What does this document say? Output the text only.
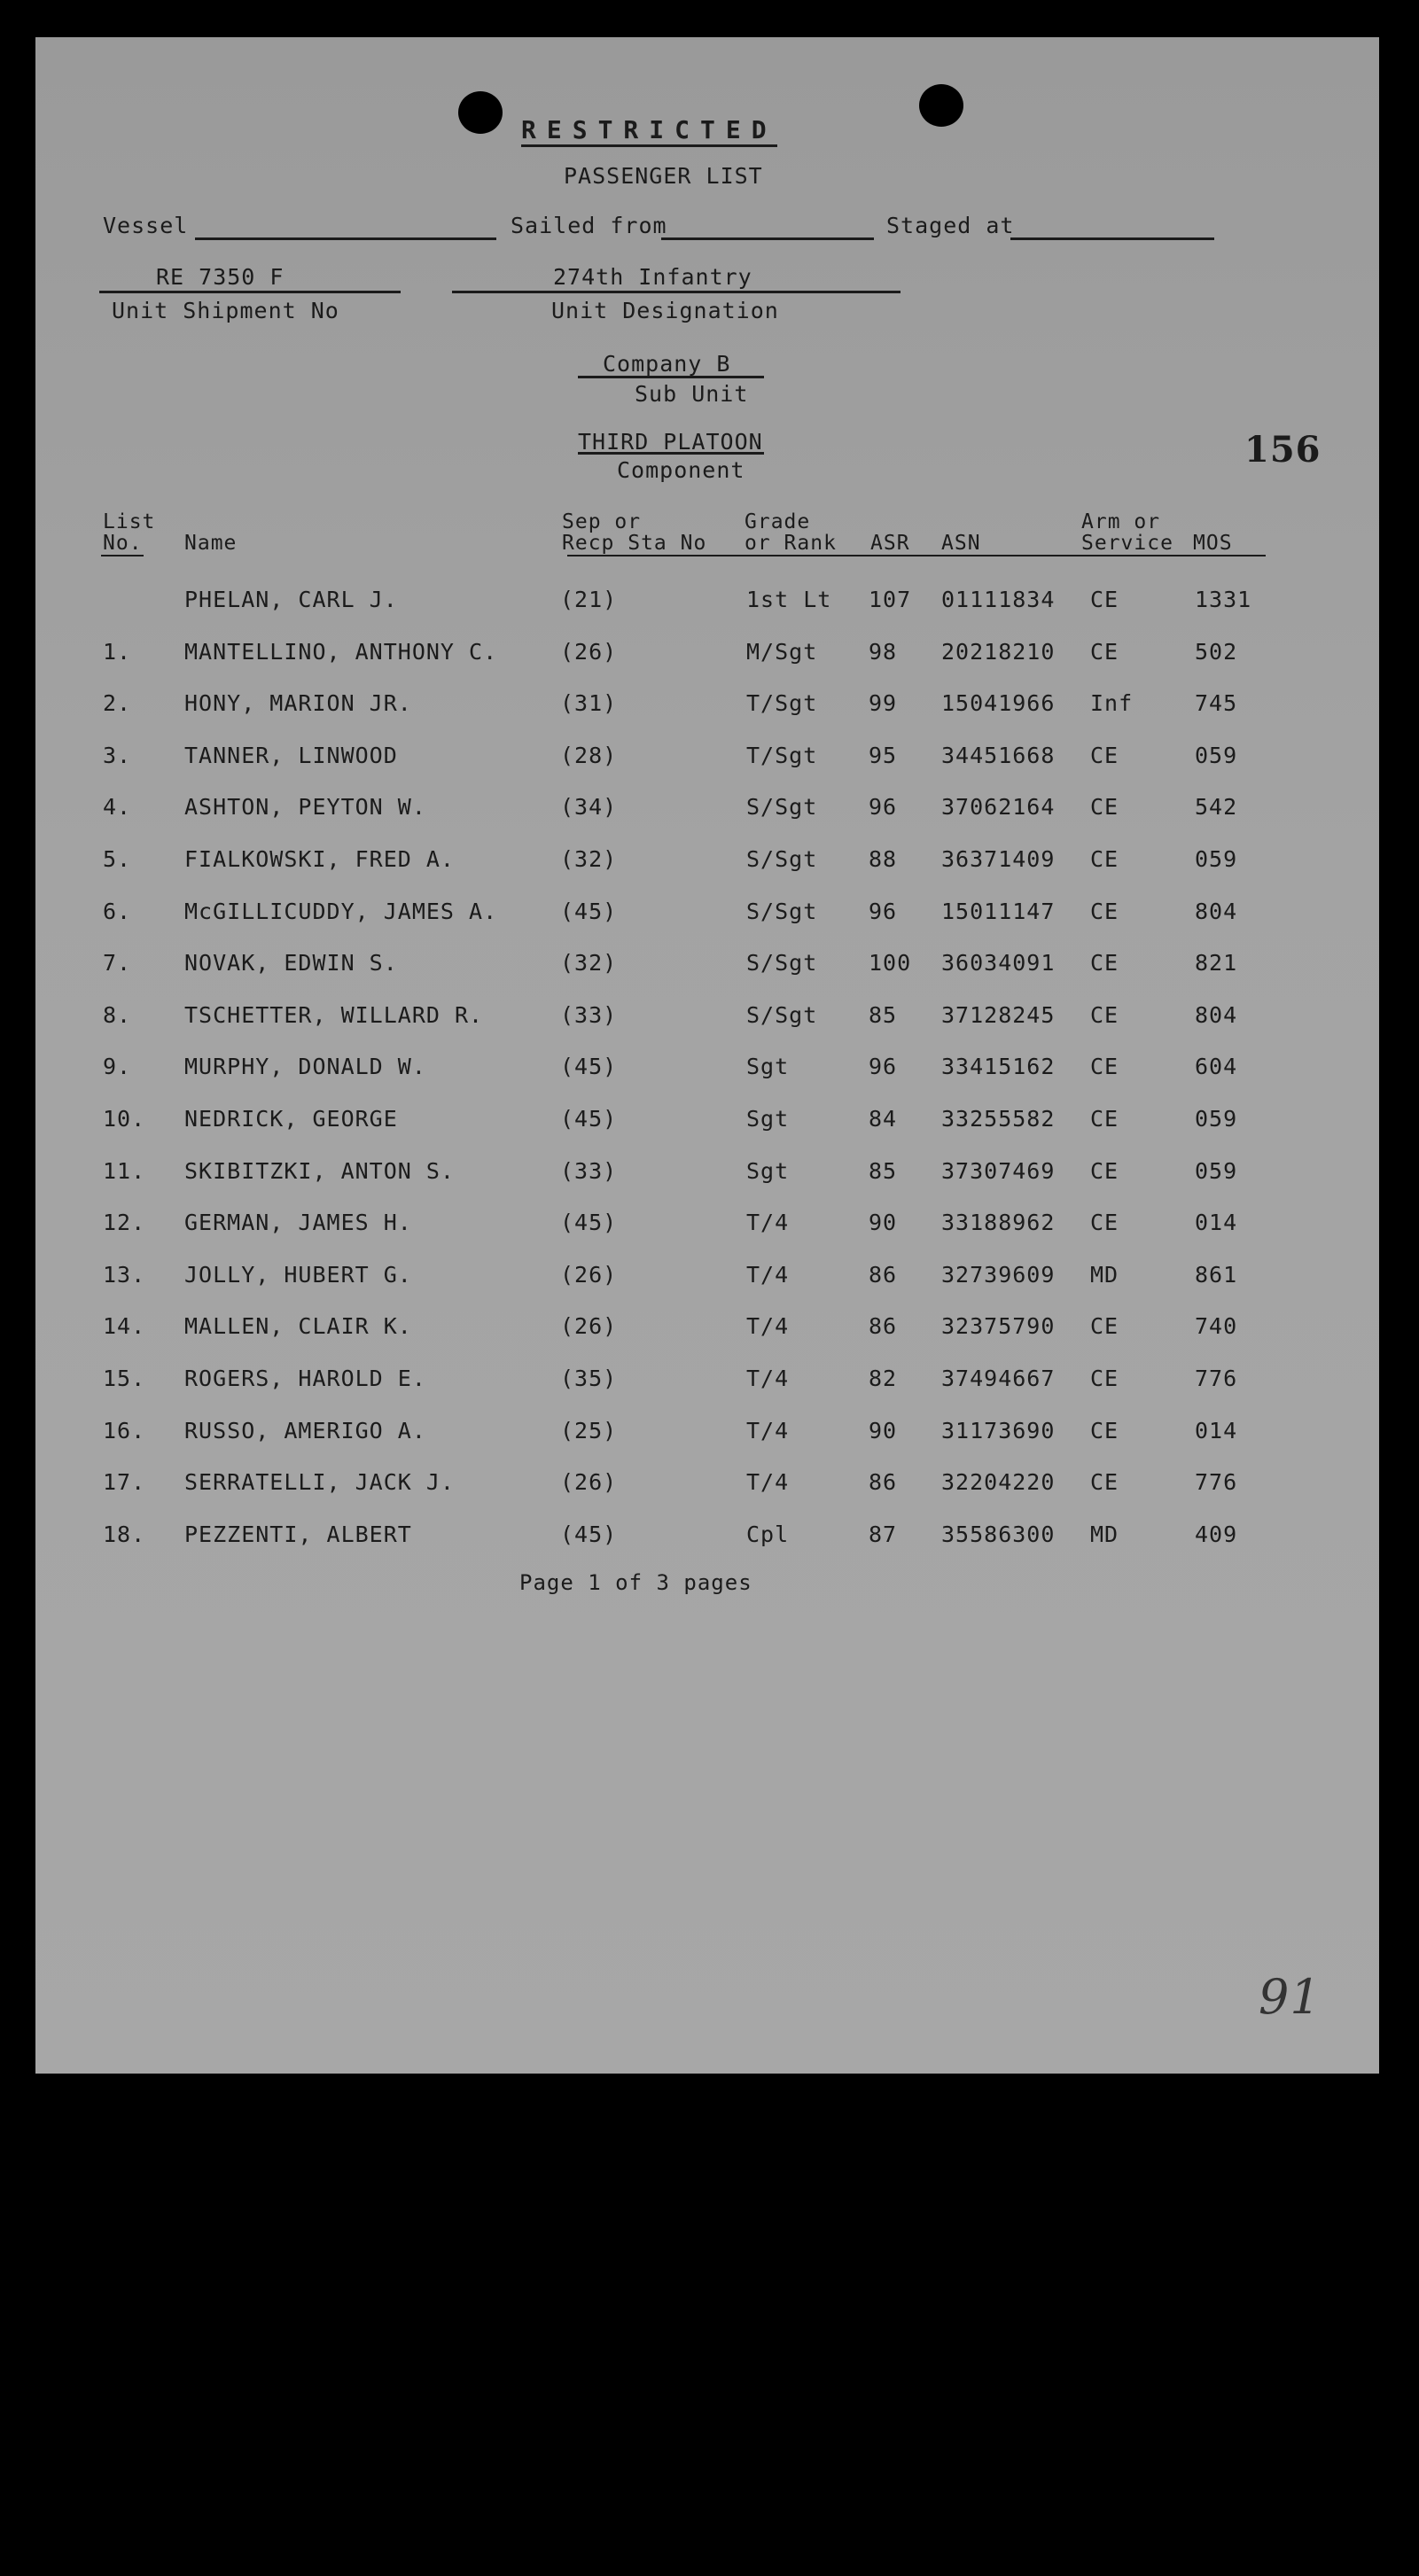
RESTRICTED
PASSENGER LIST
Vessel	Sailed from	Staged at
RE 7350 F
Unit Shipment No
274th Infantry
Unit Designation
Company B
Sub Unit
THIRD PLATOON
Component	156
List
No. Name
Sep or
Recp Sta No
Grade
or Rank ASR ASN
Arm or
Service MOS
PHELAN, CARL J.	(21)	1st Lt 107 01111834 CE	1331
1. MANTELLINO, ANTHONY C.	(26)	M/Sgt 98 20218210 CE	502
2. HONY, MARION JR.	(31)	T/Sgt 99 15041966 Inf	745
3. TANNER, LINWOOD	(28)	T/Sgt 95 34451668 CE	059
4. ASHTON, PEYTON W.	(34)	S/Sgt 96 37062164 CE	542
5. FIALKOWSKI, FRED A.	(32)	S/Sgt 88 36371409 CE	059
6. McGILLICUDDY, JAMES A.	(45)	S/Sgt 96 15011147 CE	804
7. NOVAK, EDWIN S.	(32)	S/Sgt 100 36034091 CE	821
8. TSCHETTER, WILLARD R.	(33)	S/Sgt 85 37128245 CE	804
9. MURPHY, DONALD W.	(45)	Sgt	96 33415162 CE	604
10. NEDRICK, GEORGE	(45)	Sgt	84 33255582 CE	059
11. SKIBITZKI, ANTON S.	(33)	Sgt	85 37307469 CE	059
12. GERMAN, JAMES H.	(45)	T/4	90 33188962 CE	014
13. JOLLY, HUBERT G.	(26)	T/4	86 32739609 MD	861
14. MALLEN, CLAIR K.	(26)	T/4	86 32375790 CE	740
15. ROGERS, HAROLD E.	(35)	T/4	82 37494667 CE	776
16. RUSSO, AMERIGO A.	(25)	T/4	90 31173690 CE	014
17. SERRATELLI, JACK J.	(26)	T/4	86 32204220 CE	776
18. PEZZENTI, ALBERT	(45)	Cpl	87 35586300 MD	409
Page 1 of 3 pages
91
